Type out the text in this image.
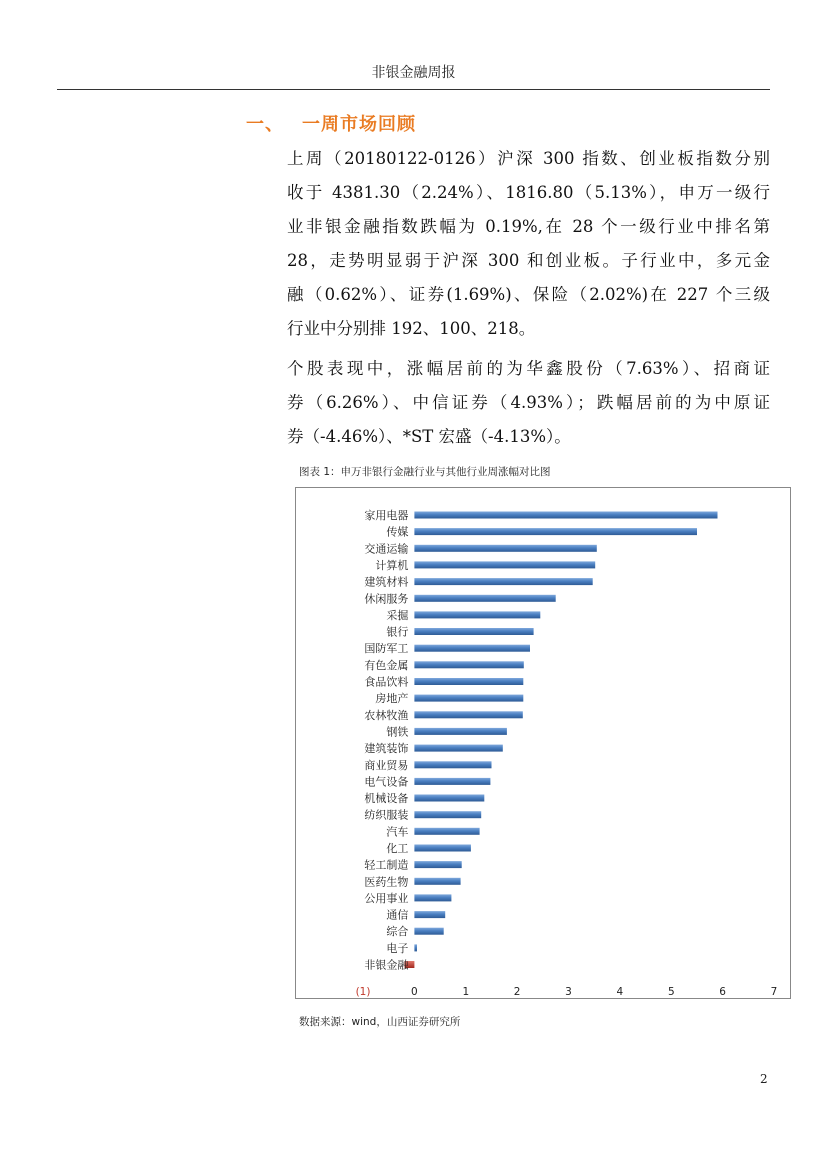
非银金融周报
一、 一周市场回顾
上周（20180122-0126）沪深 300 指数、创业板指数分别
收于 4381.30（2.24%）、1816.80（5.13%），申万一级行
业非银金融指数跌幅为 0.19%,在 28 个一级行业中排名第
28，走势明显弱于沪深 300 和创业板。子行业中，多元金
融（0.62%）、证券(1.69%)、保险（2.02%)在 227 个三级
行业中分别排 192、100、218。
个股表现中，涨幅居前的为华鑫股份（7.63%）、招商证
券（6.26%）、中信证券（4.93%）；跌幅居前的为中原证
券（-4.46%）、*ST 宏盛（-4.13%）。
图表 1：申万非银行金融行业与其他行业周涨幅对比图
家用电器
传媒
交通运输
计算机
建筑材料
休闲服务
采掘
银行
国防军工
有色金属
食品饮料
房地产
农林牧渔
钢铁
建筑装饰
商业贸易
电气设备
机械设备
纺织服装
汽车
化工
轻工制造
医药生物
公用事业
通信
综合
电子
非银金融
(1)	0	1	2	3	4	5	6	7
数据来源：wind，山西证券研究所
2
